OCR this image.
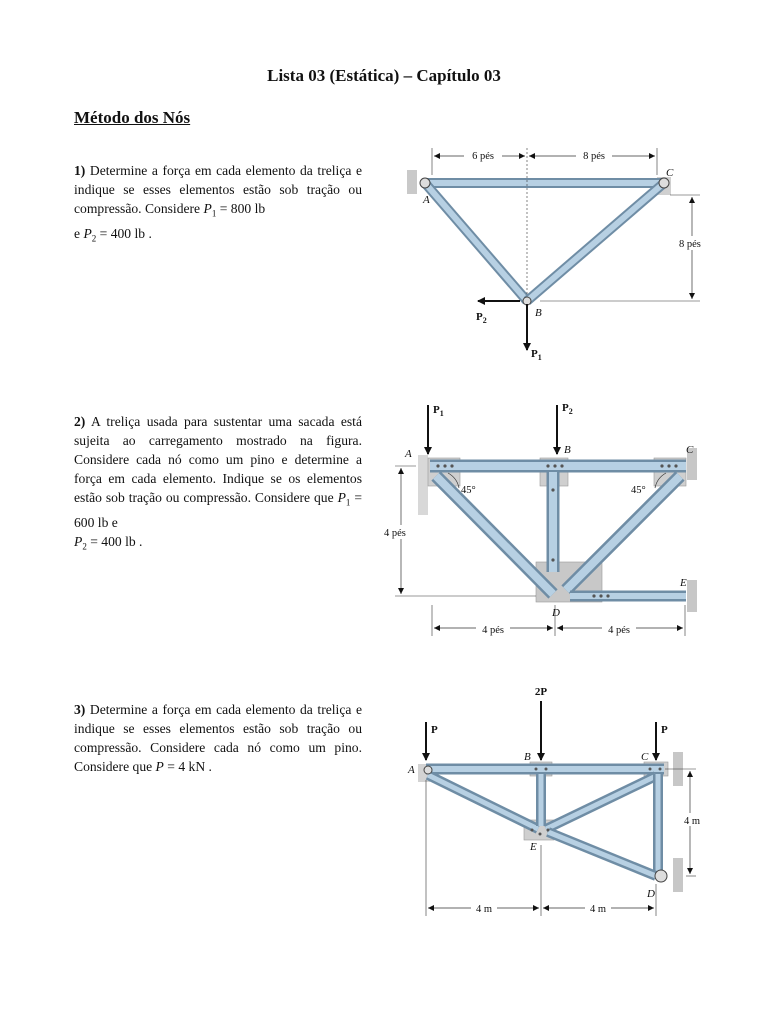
Lista 03 (Estática) – Capítulo 03
Método dos Nós
1) Determine a força em cada elemento da treliça e indique se esses elementos estão sob tração ou compressão. Considere $P_1 = 800$ lb
e $P_2 = 400$ lb .
2) A treliça usada para sustentar uma sacada está sujeita ao carregamento mostrado na figura. Considere cada nó como um pino e determine a força em cada elemento. Indique se os elementos estão sob tração ou compressão. Considere que $P_1 = 600$ lb e
$P_2 = 400$ lb .
3) Determine a força em cada elemento da treliça e indique se esses elementos estão sob tração ou compressão. Considere cada nó como um pino. Considere que P = 4 kN .
6 pés	8 pés
8 pés
A
B
C
$P_2$
$P_1$
$P_1$	$P_2$
A	B	C
D
E
45°	45°
4 pés
4 pés	4 pés
2P
P	P
A
B	C
D
E
4 m
4 m	4 m
